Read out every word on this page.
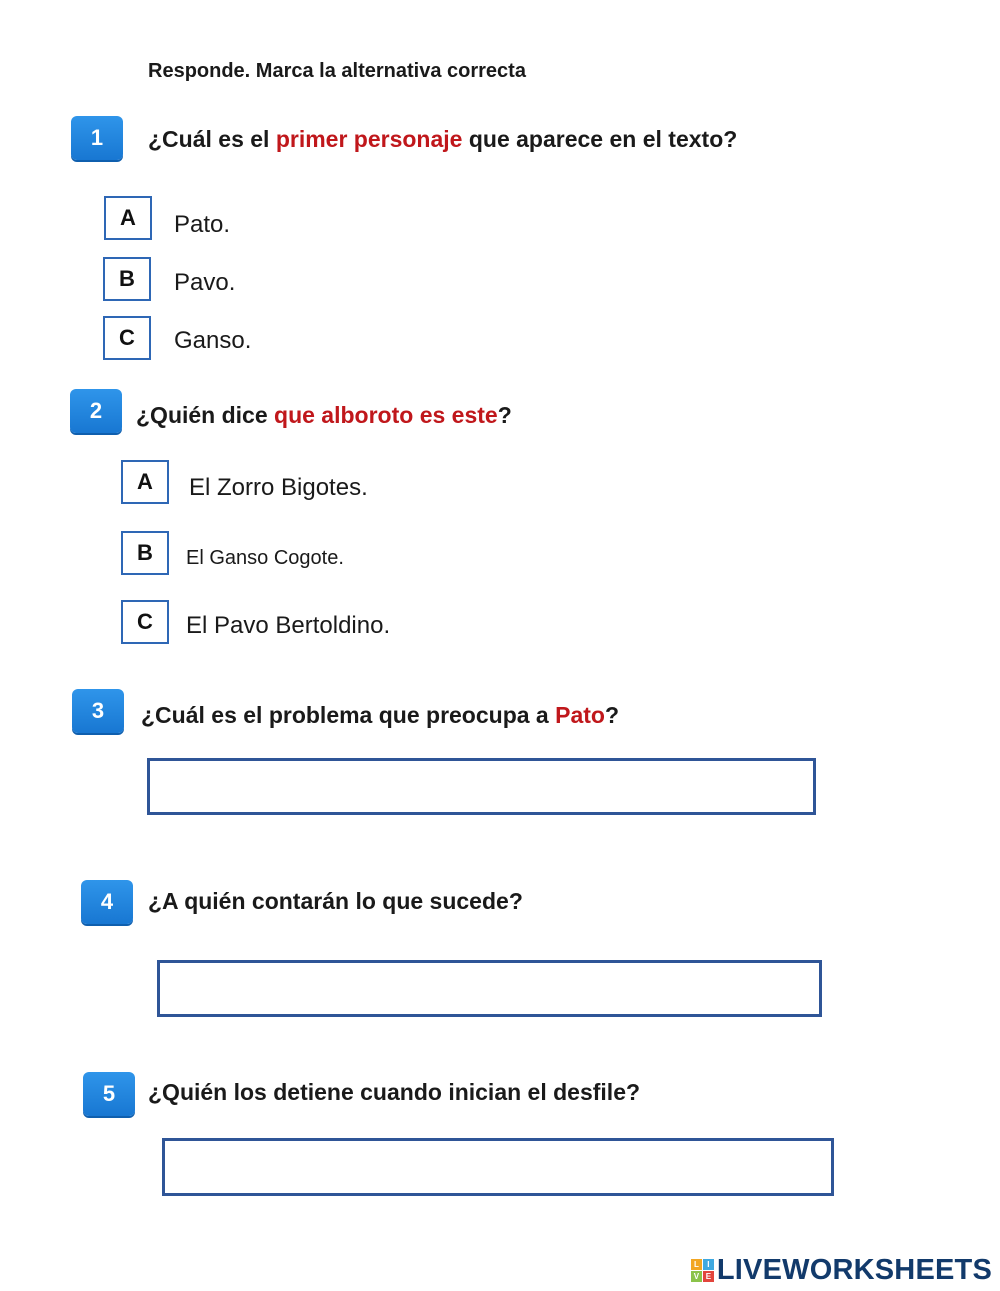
Responde. Marca la alternativa correcta
1	¿Cuál es el primer personaje que aparece en el texto?
A	Pato.
B	Pavo.
C	Ganso.
2	¿Quién dice que alboroto es este?
A	El Zorro Bigotes.
B	El Ganso Cogote.
C	El Pavo Bertoldino.
3	¿Cuál es el problema que preocupa a Pato?
4	¿A quién contarán lo que sucede?
5	¿Quién los detiene cuando inician el desfile?
L	I
V E LIVEWORKSHEETS
